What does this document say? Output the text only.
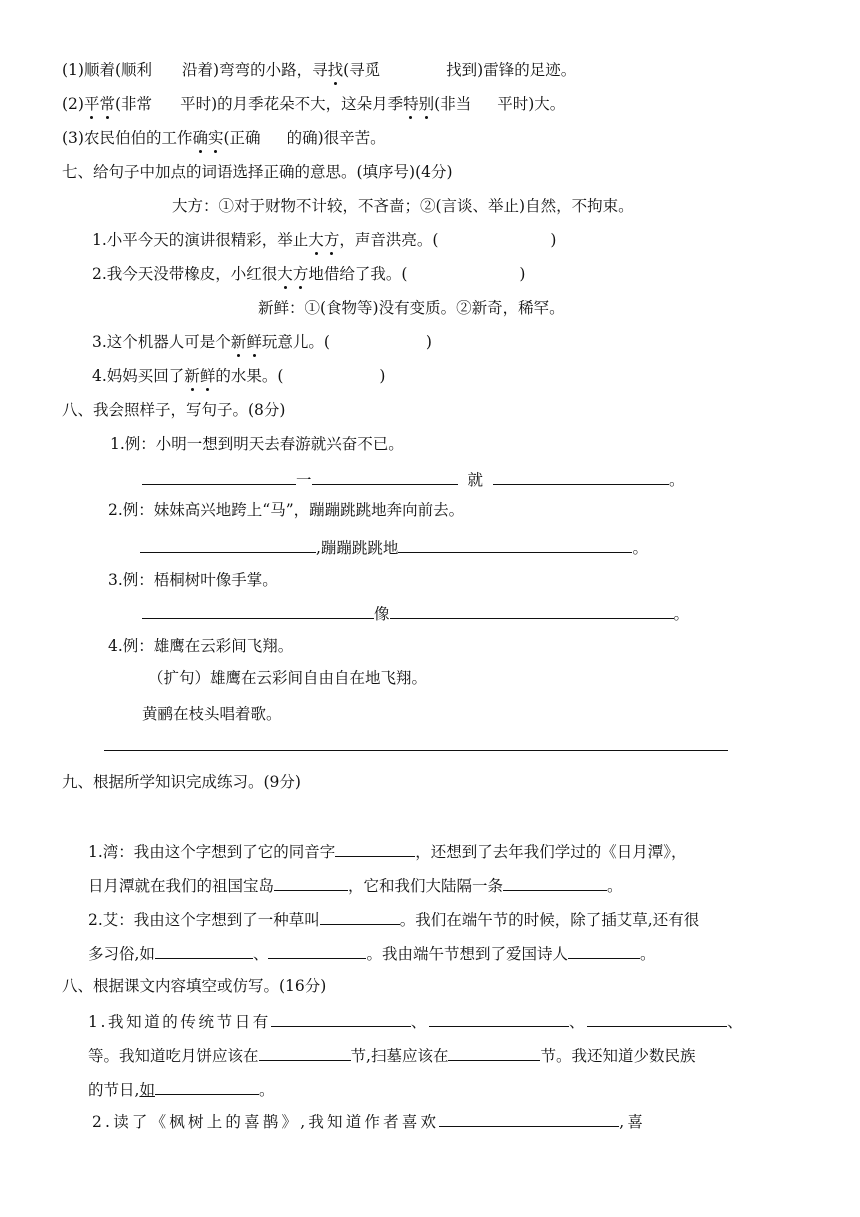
(1)顺着(顺利 沿着)弯弯的小路，寻找(寻觅	找到)雷锋的足迹。
(2)平常(非常 平时)的月季花朵不大，这朵月季特别(非当 平时)大。
(3)农民伯伯的工作确实(正确 的确)很辛苦。
七、给句子中加点的词语选择正确的意思。(填序号)(4分)
大方：①对于财物不计较，不吝啬；②(言谈、举止)自然，不拘束。
1.小平今天的演讲很精彩，举止大方，声音洪亮。(	)
2.我今天没带橡皮，小红很大方地借给了我。(	)
新鲜：①(食物等)没有变质。②新奇，稀罕。
3.这个机器人可是个新鲜玩意儿。(	)
4.妈妈买回了新鲜的水果。(	)
八、我会照样子，写句子。(8分)
1.例：小明一想到明天去春游就兴奋不已。
一	就	。
2.例：妹妹高兴地跨上“马”，蹦蹦跳跳地奔向前去。
,蹦蹦跳跳地	。
3.例：梧桐树叶像手掌。
像	。
4.例：雄鹰在云彩间飞翔。
（扩句）雄鹰在云彩间自由自在地飞翔。
黄鹂在枝头唱着歌。
九、根据所学知识完成练习。(9分)
1.湾：我由这个字想到了它的同音字	，还想到了去年我们学过的《日月潭》，
日月潭就在我们的祖国宝岛	，它和我们大陆隔一条	。
2.艾：我由这个字想到了一种草叫	。我们在端午节的时候，除了插艾草,还有很
多习俗,如	、	。我由端午节想到了爱国诗人	。
八、根据课文内容填空或仿写。(16分)
1.我知道的传统节日有	、	、	、
等。我知道吃月饼应该在	节,扫墓应该在	节。我还知道少数民族
的节日,如	。
2.读了《枫树上的喜鹊》,我知道作者喜欢	,喜
